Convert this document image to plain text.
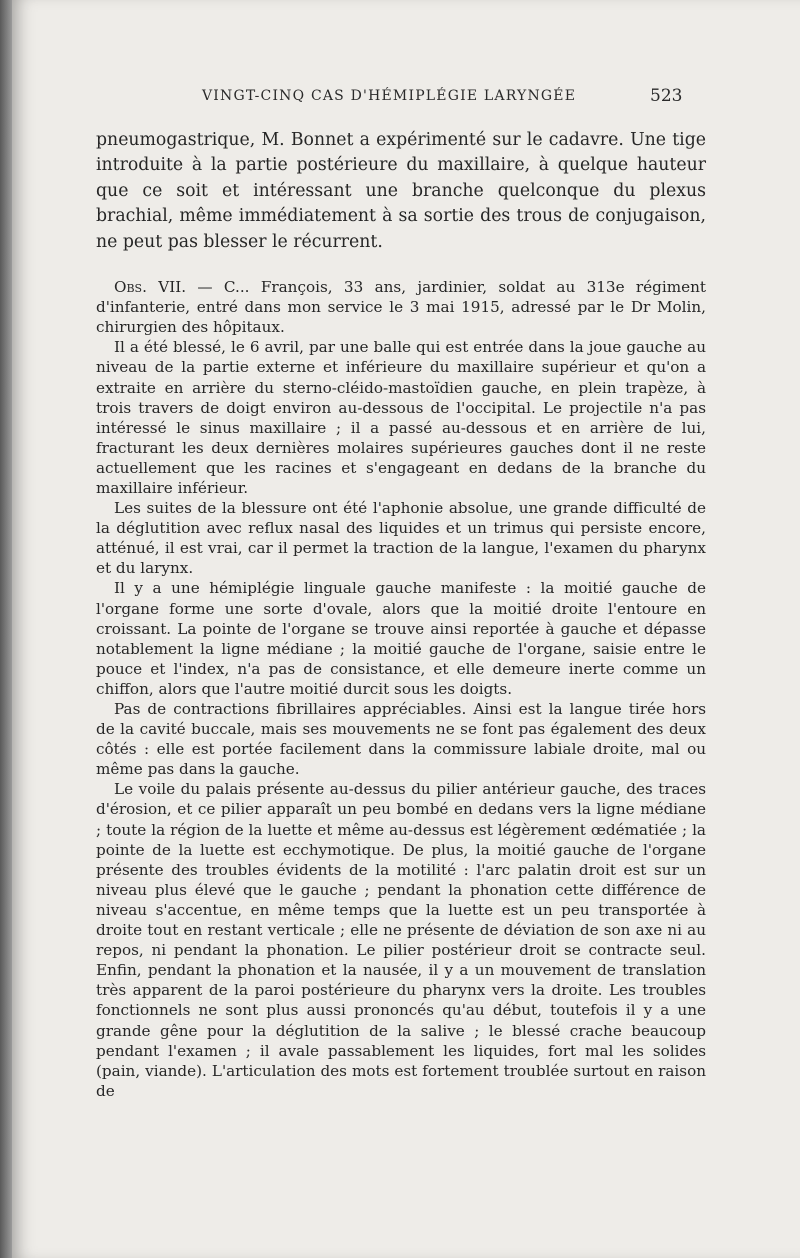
VINGT-CINQ CAS D'HÉMIPLÉGIE LARYNGÉE	523

pneumogastrique, M. Bonnet a expérimenté sur le cadavre. Une tige introduite à la partie postérieure du maxillaire, à quelque hauteur que ce soit et intéressant une branche quelconque du plexus brachial, même immédiatement à sa sortie des trous de conjugaison, ne peut pas blesser le récurrent.

Obs. VII. — C... François, 33 ans, jardinier, soldat au 313e régiment d'infanterie, entré dans mon service le 3 mai 1915, adressé par le Dr Molin, chirurgien des hôpitaux.

Il a été blessé, le 6 avril, par une balle qui est entrée dans la joue gauche au niveau de la partie externe et inférieure du maxillaire supérieur et qu'on a extraite en arrière du sterno-cléido-mastoïdien gauche, en plein trapèze, à trois travers de doigt environ au-dessous de l'occipital. Le projectile n'a pas intéressé le sinus maxillaire ; il a passé au-dessous et en arrière de lui, fracturant les deux dernières molaires supérieures gauches dont il ne reste actuellement que les racines et s'engageant en dedans de la branche du maxillaire inférieur.

Les suites de la blessure ont été l'aphonie absolue, une grande difficulté de la déglutition avec reflux nasal des liquides et un trimus qui persiste encore, atténué, il est vrai, car il permet la traction de la langue, l'examen du pharynx et du larynx.

Il y a une hémiplégie linguale gauche manifeste : la moitié gauche de l'organe forme une sorte d'ovale, alors que la moitié droite l'entoure en croissant. La pointe de l'organe se trouve ainsi reportée à gauche et dépasse notablement la ligne médiane ; la moitié gauche de l'organe, saisie entre le pouce et l'index, n'a pas de consistance, et elle demeure inerte comme un chiffon, alors que l'autre moitié durcit sous les doigts.

Pas de contractions fibrillaires appréciables. Ainsi est la langue tirée hors de la cavité buccale, mais ses mouvements ne se font pas également des deux côtés : elle est portée facilement dans la commissure labiale droite, mal ou même pas dans la gauche.

Le voile du palais présente au-dessus du pilier antérieur gauche, des traces d'érosion, et ce pilier apparaît un peu bombé en dedans vers la ligne médiane ; toute la région de la luette et même au-dessus est légèrement œdématiée ; la pointe de la luette est ecchymotique. De plus, la moitié gauche de l'organe présente des troubles évidents de la motilité : l'arc palatin droit est sur un niveau plus élevé que le gauche ; pendant la phonation cette différence de niveau s'accentue, en même temps que la luette est un peu transportée à droite tout en restant verticale ; elle ne présente de déviation de son axe ni au repos, ni pendant la phonation. Le pilier postérieur droit se contracte seul. Enfin, pendant la phonation et la nausée, il y a un mouvement de translation très apparent de la paroi postérieure du pharynx vers la droite. Les troubles fonctionnels ne sont plus aussi prononcés qu'au début, toutefois il y a une grande gêne pour la déglutition de la salive ; le blessé crache beaucoup pendant l'examen ; il avale passablement les liquides, fort mal les solides (pain, viande). L'articulation des mots est fortement troublée surtout en raison de
